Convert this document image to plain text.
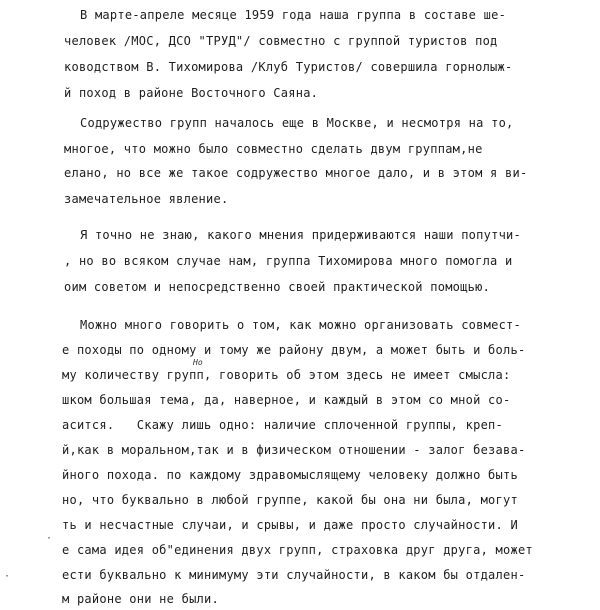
В марте-апреле месяце 1959 года наша группа в составе ше-
человек /МОС, ДСО "ТРУД"/ совместно с группой туристов под
ководством В. Тихомирова /Клуб Туристов/ совершила горнолыж-
й поход в районе Восточного Саяна.
Содружество групп началось еще в Москве, и несмотря на то,
многое, что можно было совместно сделать двум группам,не
елано, но все же такое содружество многое дало, и в этом я ви-
замечательное явление.
Я точно не знаю, какого мнения придерживаются наши попутчи-
, но во всяком случае нам, группа Тихомирова много помогла и
оим советом и непосредственно своей практической помощью.
Можно много говорить о том, как можно организовать совмест-
е походы по одному и тому же району двум, а может быть и боль-
Но
му количеству групп, говорить об этом здесь не имеет смысла:
шком большая тема, да, наверное, и каждый в этом со мной со-
асится.   Скажу лишь одно: наличие сплоченной группы, креп-
й,как в моральном,так и в физическом отношении - залог безава-
йного похода. по каждому здравомыслящему человеку должно быть
но, что буквально в любой группе, какой бы она ни была, могут
ть и несчастные случаи, и срывы, и даже просто случайности. И
е сама идея об"единения двух групп, страховка друг друга, может
ести буквально к минимуму эти случайности, в каком бы отдален-
м районе они не были.
·
·
